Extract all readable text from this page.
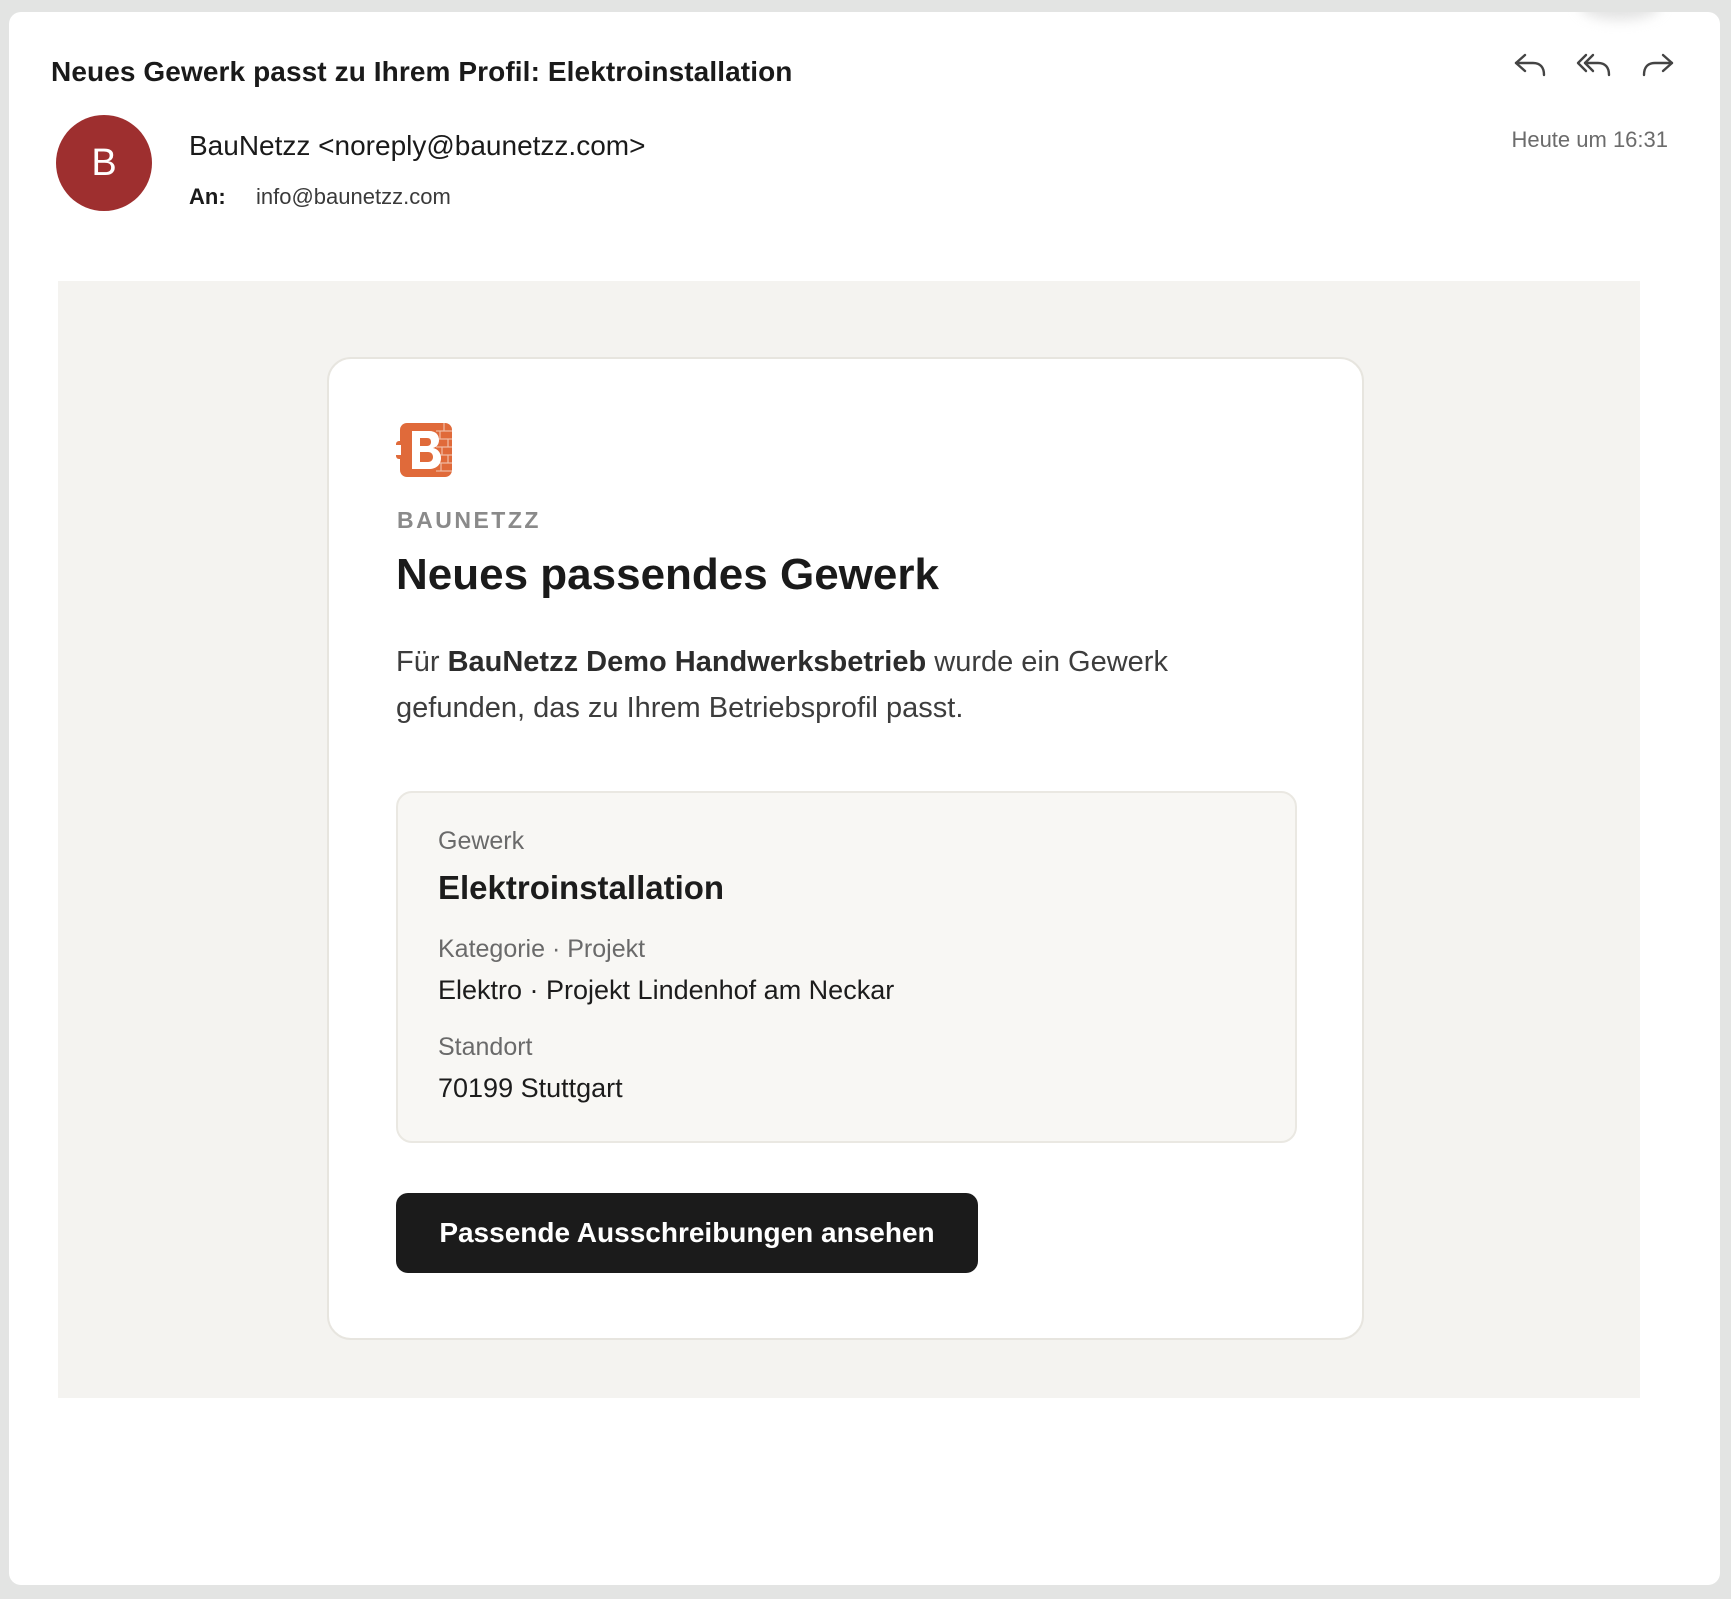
Neues Gewerk passt zu Ihrem Profil: Elektroinstallation
B	BauNetzz <noreply@baunetzz.com>
An: info@baunetzz.com
Heute um 16:31
BAUNETZZ
Neues passendes Gewerk
Für BauNetzz Demo Handwerksbetrieb wurde ein Gewerk gefunden, das zu Ihrem Betriebsprofil passt.
Gewerk
Elektroinstallation
Kategorie · Projekt
Elektro · Projekt Lindenhof am Neckar
Standort
70199 Stuttgart
Passende Ausschreibungen ansehen
